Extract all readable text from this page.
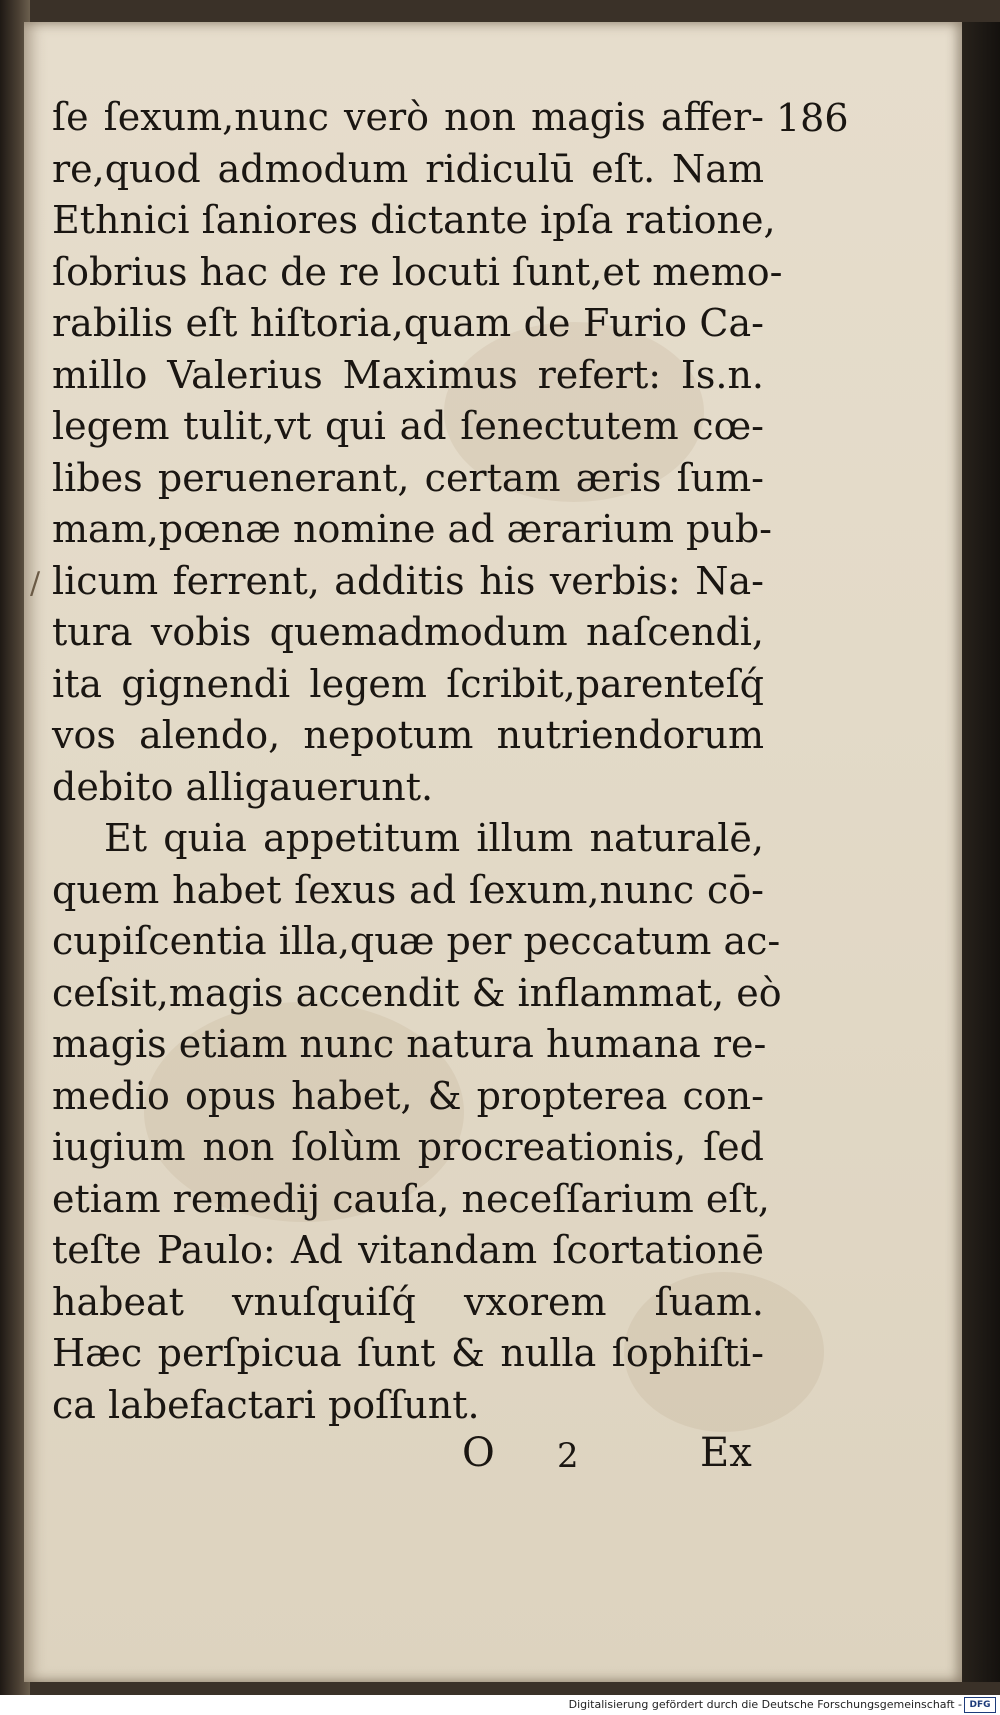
186
/
ſe ſexum,nunc verò non magis affer-
re,quod admodum ridiculū eſt. Nam
Ethnici ſaniores dictante ipſa ratione,
ſobrius hac de re locuti ſunt,et memo-
rabilis eſt hiſtoria,quam de Furio Ca-
millo Valerius Maximus refert: Is.n.
legem tulit,vt qui ad ſenectutem cœ-
libes peruenerant, certam æris ſum-
mam,pœnæ nomine ad ærarium pub-
licum ferrent, additis his verbis: Na-
tura vobis quemadmodum naſcendi,
ita gignendi legem ſcribit,parenteſq́
vos alendo, nepotum nutriendorum
debito alligauerunt.
Et quia appetitum illum naturalē,
quem habet ſexus ad ſexum,nunc cō-
cupiſcentia illa,quæ per peccatum ac-
ceſsit,magis accendit & inflammat, eò
magis etiam nunc natura humana re-
medio opus habet, & propterea con-
iugium non ſolùm procreationis, ſed
etiam remedij cauſa, neceſſarium eſt,
teſte Paulo: Ad vitandam ſcortationē
habeat vnuſquiſq́ vxorem ſuam.
Hæc perſpicua ſunt & nulla ſophiſti-
ca labefactari poſſunt.
O 2	Ex
Digitalisierung gefördert durch die Deutsche Forschungsgemeinschaft - DFG
